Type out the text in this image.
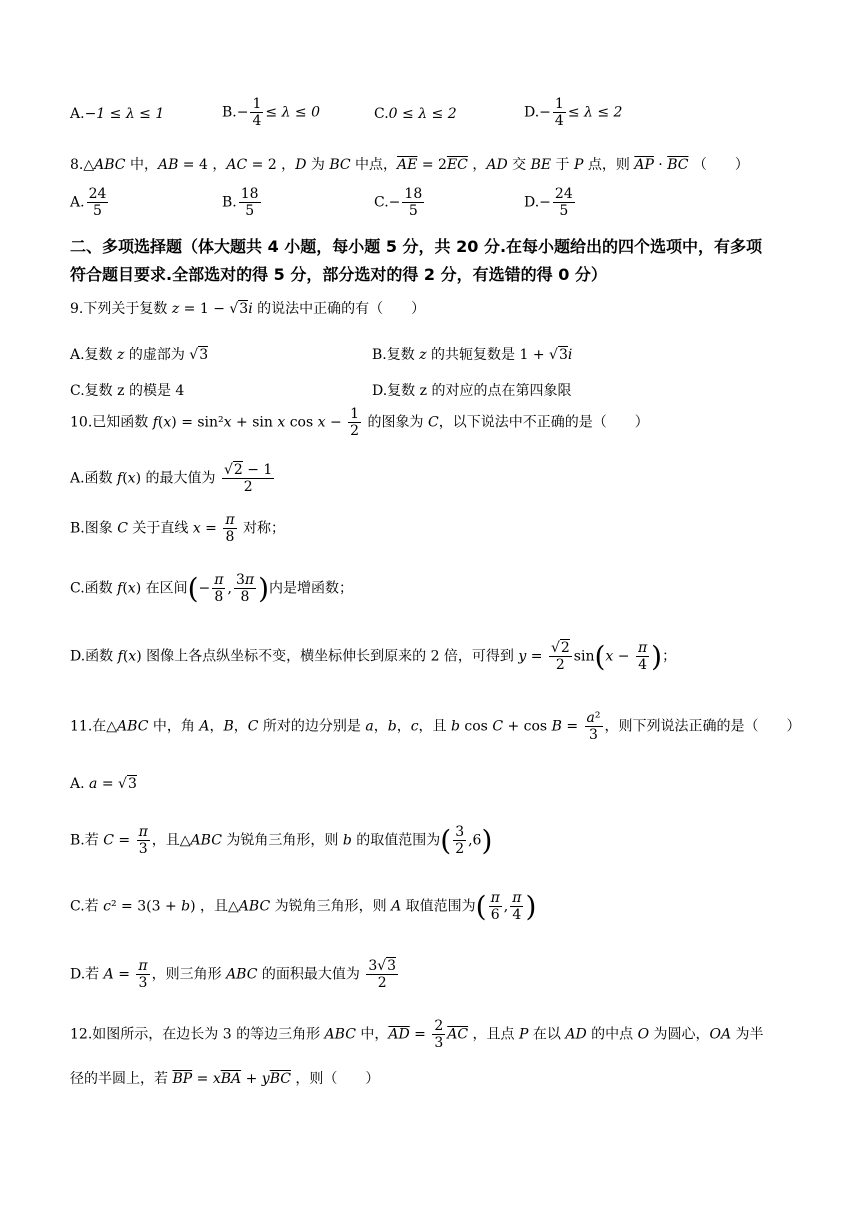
A.−1 ≤ λ ≤ 1	$B.- \frac{1}{4} \le \lambda \le 0$	C.0 ≤ λ ≤ 2	$D.- \frac{1}{4} \le \lambda \le 2$
8.△ABC 中，AB = 4 ，AC = 2 ，D 为 BC 中点，$\overline{AE} = 2\overline{EC}$ ，AD 交 BE 于 P 点，则 $\overline{AP} \cdot \overline{BC}$ （　　）
A. $\frac{24}{5}$	B. $\frac{18}{5}$	$C.- \frac{18}{5}$	$D.- \frac{24}{5}$
二、多项选择题（体大题共 4 小题，每小题 5 分，共 20 分.在每小题给出的四个选项中，有多项
符合题目要求.全部选对的得 5 分，部分选对的得 2 分，有选错的得 0 分）
9.下列关于复数 z = 1 − √3i 的说法中正确的有（　　）
A.复数 z 的虚部为 √3	B.复数 z 的共轭复数是 1 + √3i
C.复数 z 的模是 4	D.复数 z 的对应的点在第四象限
10.已知函数 f(x) = sin²x + sin x $\cos x - \frac{1}{2}$ 的图象为 C，以下说法中不正确的是（　　）
A.函数 f(x) 的最大值为 $\frac{√2 - 1}{2}$
B.图象 C 关于直线 $x = \frac{\pi}{8}$ 对称；
C.函数 f(x) 在区间(− $\frac{\pi}{8}$ , $\frac{3\pi}{8}$ )内是增函数；
D.函数 f(x) 图像上各点纵坐标不变，横坐标伸长到原来的 2 倍，可得到 $y = \frac{√2}{2} \sin(x - \frac{\pi}{4}$ )；
11.在△ABC 中，角 A，B，C 所对的边分别是 a，b，c，且 b $\cos C + \cos B = \frac{\text{a²}}{3}$ ，则下列说法正确的是（　　）
A. a = √3
B.若 $C = \frac{\pi}{3}$ ，且△ABC 为锐角三角形，则 b 的取值范围为( $\frac{3}{2} ,6$)
C.若 c² = 3(3 + b) ，且△ABC 为锐角三角形，则 A 取值范围为( $\frac{\pi}{6}$ , $\frac{\pi}{4}$ )
D.若 $A = \frac{\pi}{3}$ ，则三角形 ABC 的面积最大值为 $\frac{3√3}{2}$
12.如图所示，在边长为 3 的等边三角形 ABC 中，$\overline{AD} = \frac{2}{3} \overline{AC}$ ，且点 P 在以 AD 的中点 O 为圆心，OA 为半
径的半圆上，若 $\overline{BP} = x\overline{BA} + y\overline{BC}$ ，则（　　）
